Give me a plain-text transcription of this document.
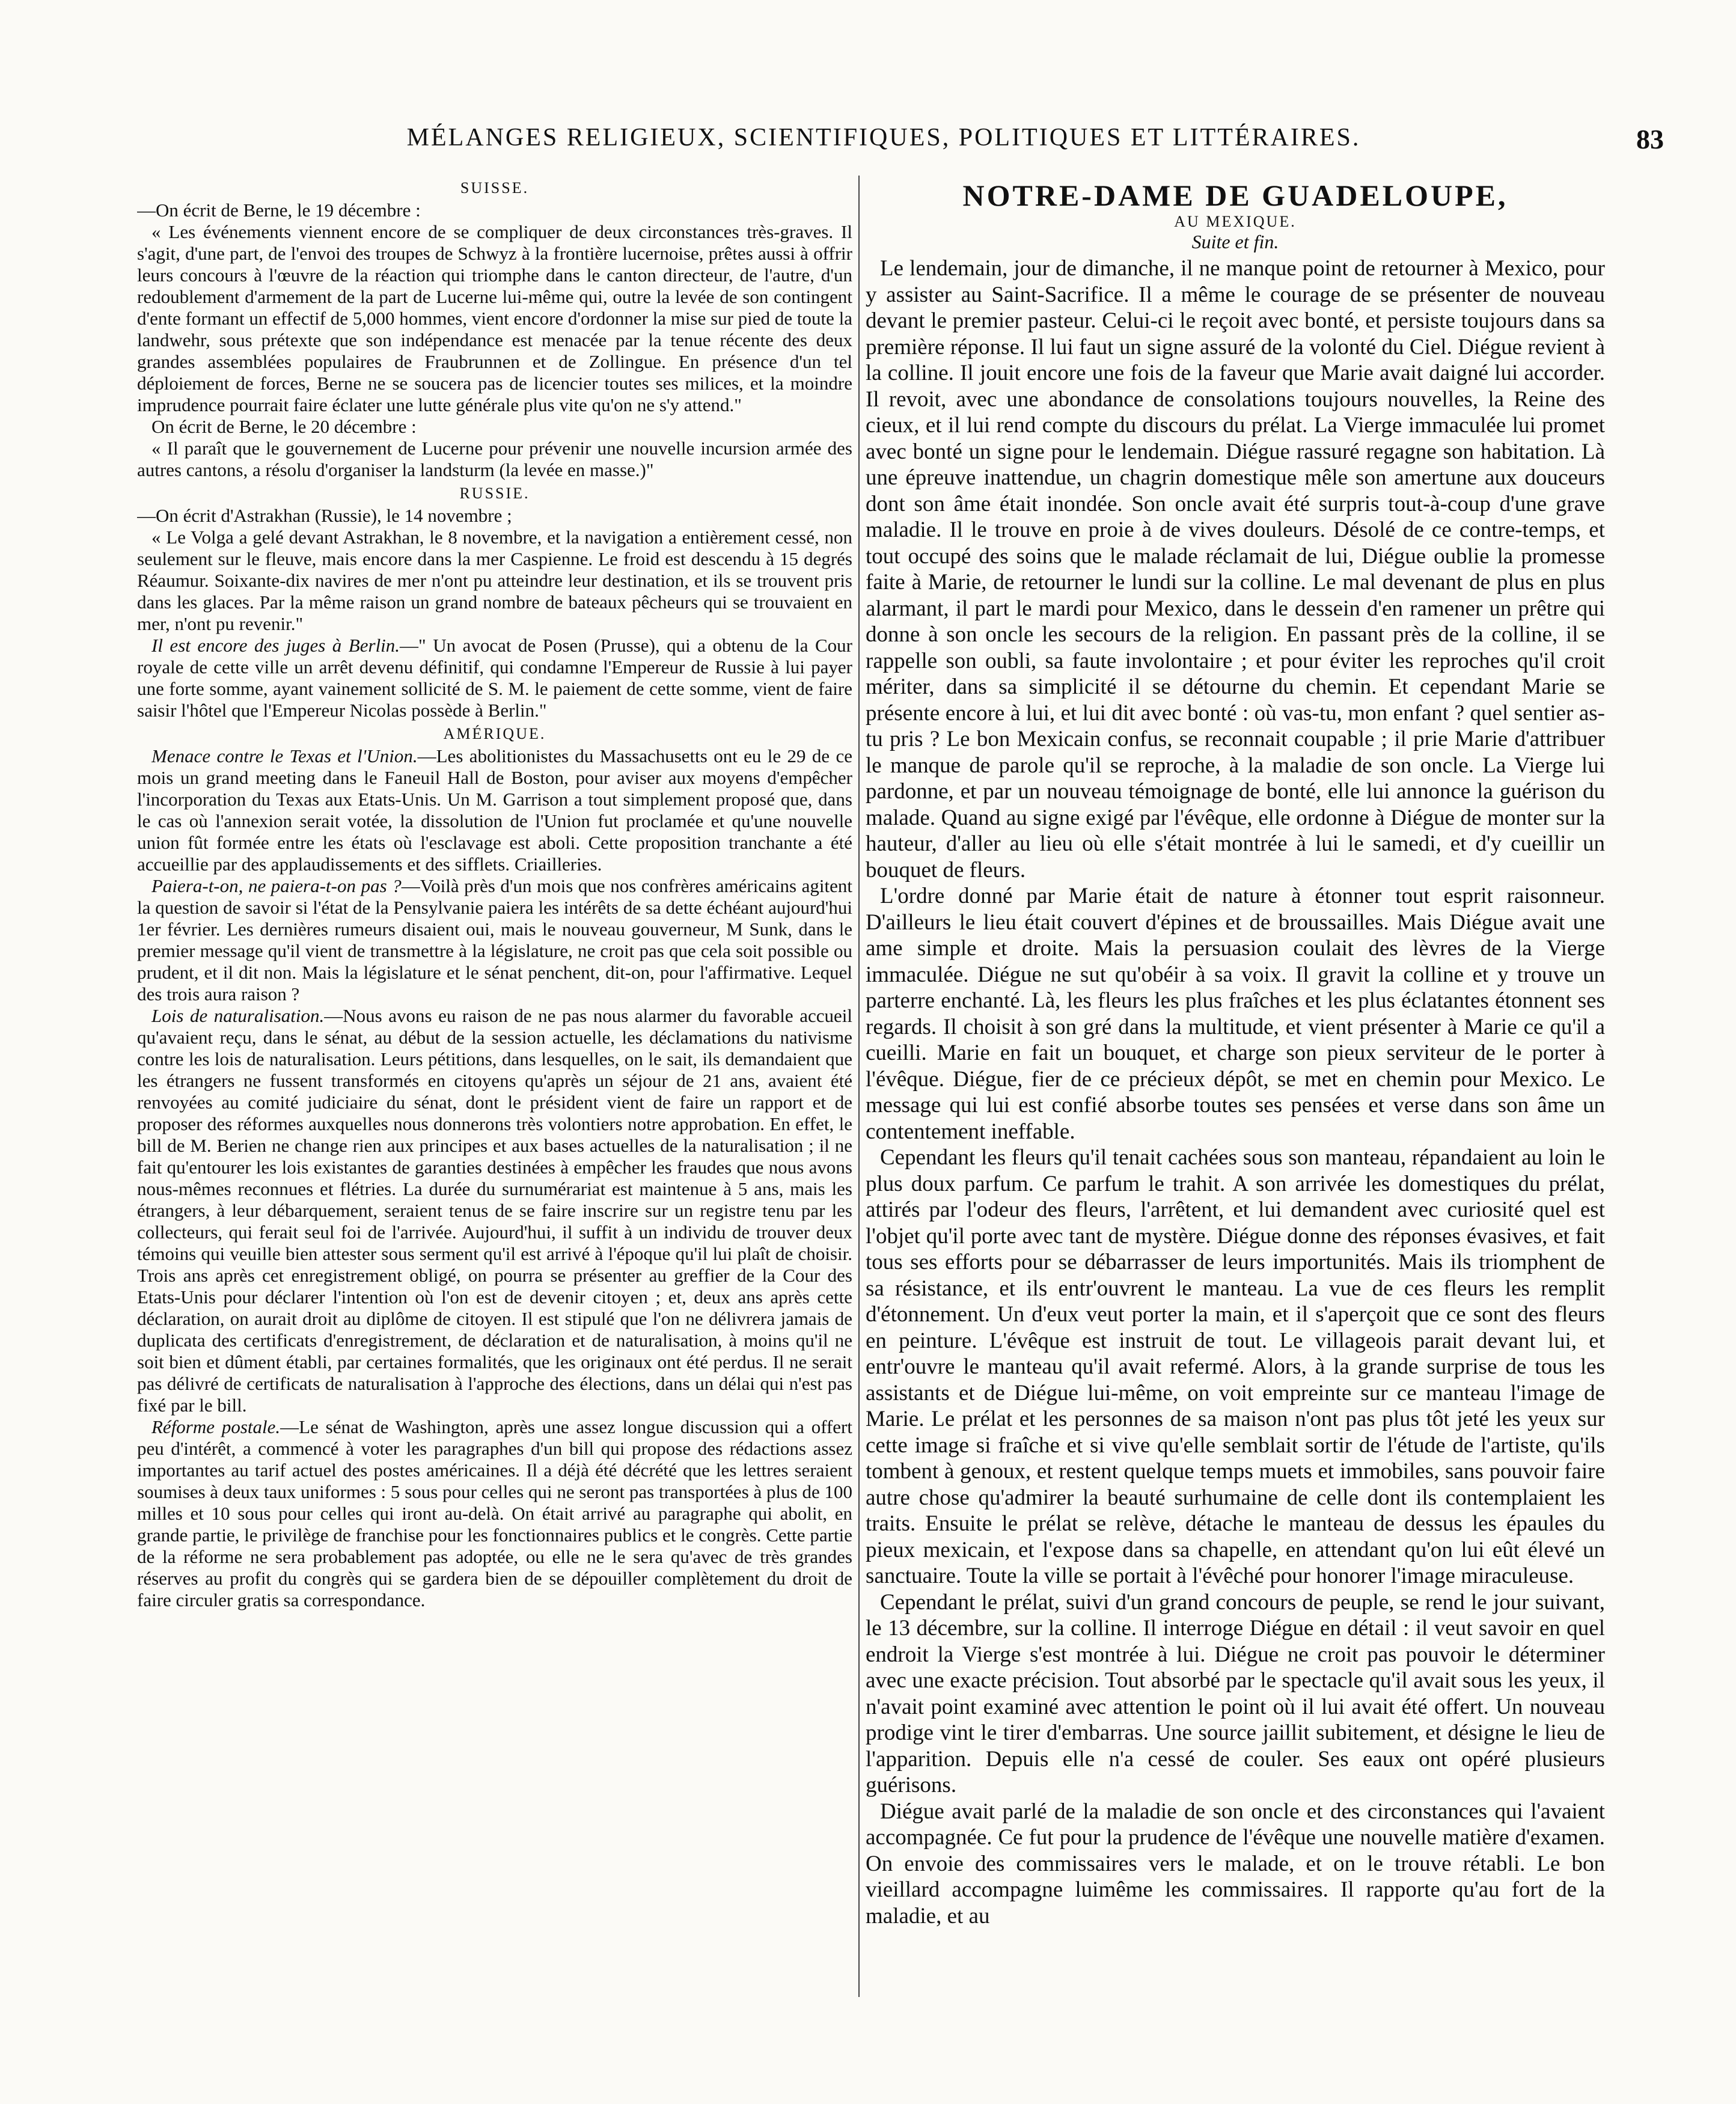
MÉLANGES RELIGIEUX, SCIENTIFIQUES, POLITIQUES ET LITTÉRAIRES.	83
SUISSE.

—On écrit de Berne, le 19 décembre :

« Les événements viennent encore de se compliquer de deux circonstances très-graves. Il s'agit, d'une part, de l'envoi des troupes de Schwyz à la frontière lucernoise, prêtes aussi à offrir leurs concours à l'œuvre de la réaction qui triomphe dans le canton directeur, de l'autre, d'un redoublement d'armement de la part de Lucerne lui-même qui, outre la levée de son contingent d'ente formant un effectif de 5,000 hommes, vient encore d'ordonner la mise sur pied de toute la landwehr, sous prétexte que son indépendance est menacée par la tenue récente des deux grandes assemblées populaires de Fraubrunnen et de Zollingue. En présence d'un tel déploiement de forces, Berne ne se soucera pas de licencier toutes ses milices, et la moindre imprudence pourrait faire éclater une lutte générale plus vite qu'on ne s'y attend."

On écrit de Berne, le 20 décembre :

« Il paraît que le gouvernement de Lucerne pour prévenir une nouvelle incursion armée des autres cantons, a résolu d'organiser la landsturm (la levée en masse.)"

RUSSIE.

—On écrit d'Astrakhan (Russie), le 14 novembre ;

« Le Volga a gelé devant Astrakhan, le 8 novembre, et la navigation a entièrement cessé, non seulement sur le fleuve, mais encore dans la mer Caspienne. Le froid est descendu à 15 degrés Réaumur. Soixante-dix navires de mer n'ont pu atteindre leur destination, et ils se trouvent pris dans les glaces. Par la même raison un grand nombre de bateaux pêcheurs qui se trouvaient en mer, n'ont pu revenir."

Il est encore des juges à Berlin.—" Un avocat de Posen (Prusse), qui a obtenu de la Cour royale de cette ville un arrêt devenu définitif, qui condamne l'Empereur de Russie à lui payer une forte somme, ayant vainement sollicité de S. M. le paiement de cette somme, vient de faire saisir l'hôtel que l'Empereur Nicolas possède à Berlin."

AMÉRIQUE.

Menace contre le Texas et l'Union.—Les abolitionistes du Massachusetts ont eu le 29 de ce mois un grand meeting dans le Faneuil Hall de Boston, pour aviser aux moyens d'empêcher l'incorporation du Texas aux Etats-Unis. Un M. Garrison a tout simplement proposé que, dans le cas où l'annexion serait votée, la dissolution de l'Union fut proclamée et qu'une nouvelle union fût formée entre les états où l'esclavage est aboli. Cette proposition tranchante a été accueillie par des applaudissements et des sifflets. Criailleries.

Paiera-t-on, ne paiera-t-on pas ?—Voilà près d'un mois que nos confrères américains agitent la question de savoir si l'état de la Pensylvanie paiera les intérêts de sa dette échéant aujourd'hui 1er février. Les dernières rumeurs disaient oui, mais le nouveau gouverneur, M Sunk, dans le premier message qu'il vient de transmettre à la législature, ne croit pas que cela soit possible ou prudent, et il dit non. Mais la législature et le sénat penchent, dit-on, pour l'affirmative. Lequel des trois aura raison ?

Lois de naturalisation.—Nous avons eu raison de ne pas nous alarmer du favorable accueil qu'avaient reçu, dans le sénat, au début de la session actuelle, les déclamations du nativisme contre les lois de naturalisation. Leurs pétitions, dans lesquelles, on le sait, ils demandaient que les étrangers ne fussent transformés en citoyens qu'après un séjour de 21 ans, avaient été renvoyées au comité judiciaire du sénat, dont le président vient de faire un rapport et de proposer des réformes auxquelles nous donnerons très volontiers notre approbation. En effet, le bill de M. Berien ne change rien aux principes et aux bases actuelles de la naturalisation ; il ne fait qu'entourer les lois existantes de garanties destinées à empêcher les fraudes que nous avons nous-mêmes reconnues et flétries. La durée du surnumérariat est maintenue à 5 ans, mais les étrangers, à leur débarquement, seraient tenus de se faire inscrire sur un registre tenu par les collecteurs, qui ferait seul foi de l'arrivée. Aujourd'hui, il suffit à un individu de trouver deux témoins qui veuille bien attester sous serment qu'il est arrivé à l'époque qu'il lui plaît de choisir. Trois ans après cet enregistrement obligé, on pourra se présenter au greffier de la Cour des Etats-Unis pour déclarer l'intention où l'on est de devenir citoyen ; et, deux ans après cette déclaration, on aurait droit au diplôme de citoyen. Il est stipulé que l'on ne délivrera jamais de duplicata des certificats d'enregistrement, de déclaration et de naturalisation, à moins qu'il ne soit bien et dûment établi, par certaines formalités, que les originaux ont été perdus. Il ne serait pas délivré de certificats de naturalisation à l'approche des élections, dans un délai qui n'est pas fixé par le bill.

Réforme postale.—Le sénat de Washington, après une assez longue discussion qui a offert peu d'intérêt, a commencé à voter les paragraphes d'un bill qui propose des rédactions assez importantes au tarif actuel des postes américaines. Il a déjà été décrété que les lettres seraient soumises à deux taux uniformes : 5 sous pour celles qui ne seront pas transportées à plus de 100 milles et 10 sous pour celles qui iront au-delà. On était arrivé au paragraphe qui abolit, en grande partie, le privilège de franchise pour les fonctionnaires publics et le congrès. Cette partie de la réforme ne sera probablement pas adoptée, ou elle ne le sera qu'avec de très grandes réserves au profit du congrès qui se gardera bien de se dépouiller complètement du droit de faire circuler gratis sa correspondance.

NOTRE-DAME DE GUADELOUPE,
AU MEXIQUE.
Suite et fin.

Le lendemain, jour de dimanche, il ne manque point de retourner à Mexico, pour y assister au Saint-Sacrifice. Il a même le courage de se présenter de nouveau devant le premier pasteur. Celui-ci le reçoit avec bonté, et persiste toujours dans sa première réponse. Il lui faut un signe assuré de la volonté du Ciel. Diégue revient à la colline. Il jouit encore une fois de la faveur que Marie avait daigné lui accorder. Il revoit, avec une abondance de consolations toujours nouvelles, la Reine des cieux, et il lui rend compte du discours du prélat. La Vierge immaculée lui promet avec bonté un signe pour le lendemain. Diégue rassuré regagne son habitation. Là une épreuve inattendue, un chagrin domestique mêle son amertune aux douceurs dont son âme était inondée. Son oncle avait été surpris tout-à-coup d'une grave maladie. Il le trouve en proie à de vives douleurs. Désolé de ce contre-temps, et tout occupé des soins que le malade réclamait de lui, Diégue oublie la promesse faite à Marie, de retourner le lundi sur la colline. Le mal devenant de plus en plus alarmant, il part le mardi pour Mexico, dans le dessein d'en ramener un prêtre qui donne à son oncle les secours de la religion. En passant près de la colline, il se rappelle son oubli, sa faute involontaire ; et pour éviter les reproches qu'il croit mériter, dans sa simplicité il se détourne du chemin. Et cependant Marie se présente encore à lui, et lui dit avec bonté : où vas-tu, mon enfant ? quel sentier as-tu pris ? Le bon Mexicain confus, se reconnait coupable ; il prie Marie d'attribuer le manque de parole qu'il se reproche, à la maladie de son oncle. La Vierge lui pardonne, et par un nouveau témoignage de bonté, elle lui annonce la guérison du malade. Quand au signe exigé par l'évêque, elle ordonne à Diégue de monter sur la hauteur, d'aller au lieu où elle s'était montrée à lui le samedi, et d'y cueillir un bouquet de fleurs.

L'ordre donné par Marie était de nature à étonner tout esprit raisonneur. D'ailleurs le lieu était couvert d'épines et de broussailles. Mais Diégue avait une ame simple et droite. Mais la persuasion coulait des lèvres de la Vierge immaculée. Diégue ne sut qu'obéir à sa voix. Il gravit la colline et y trouve un parterre enchanté. Là, les fleurs les plus fraîches et les plus éclatantes étonnent ses regards. Il choisit à son gré dans la multitude, et vient présenter à Marie ce qu'il a cueilli. Marie en fait un bouquet, et charge son pieux serviteur de le porter à l'évêque. Diégue, fier de ce précieux dépôt, se met en chemin pour Mexico. Le message qui lui est confié absorbe toutes ses pensées et verse dans son âme un contentement ineffable.

Cependant les fleurs qu'il tenait cachées sous son manteau, répandaient au loin le plus doux parfum. Ce parfum le trahit. A son arrivée les domestiques du prélat, attirés par l'odeur des fleurs, l'arrêtent, et lui demandent avec curiosité quel est l'objet qu'il porte avec tant de mystère. Diégue donne des réponses évasives, et fait tous ses efforts pour se débarrasser de leurs importunités. Mais ils triomphent de sa résistance, et ils entr'ouvrent le manteau. La vue de ces fleurs les remplit d'étonnement. Un d'eux veut porter la main, et il s'aperçoit que ce sont des fleurs en peinture. L'évêque est instruit de tout. Le villageois parait devant lui, et entr'ouvre le manteau qu'il avait refermé. Alors, à la grande surprise de tous les assistants et de Diégue lui-même, on voit empreinte sur ce manteau l'image de Marie. Le prélat et les personnes de sa maison n'ont pas plus tôt jeté les yeux sur cette image si fraîche et si vive qu'elle semblait sortir de l'étude de l'artiste, qu'ils tombent à genoux, et restent quelque temps muets et immobiles, sans pouvoir faire autre chose qu'admirer la beauté surhumaine de celle dont ils contemplaient les traits. Ensuite le prélat se relève, détache le manteau de dessus les épaules du pieux mexicain, et l'expose dans sa chapelle, en attendant qu'on lui eût élevé un sanctuaire. Toute la ville se portait à l'évêché pour honorer l'image miraculeuse.

Cependant le prélat, suivi d'un grand concours de peuple, se rend le jour suivant, le 13 décembre, sur la colline. Il interroge Diégue en détail : il veut savoir en quel endroit la Vierge s'est montrée à lui. Diégue ne croit pas pouvoir le déterminer avec une exacte précision. Tout absorbé par le spectacle qu'il avait sous les yeux, il n'avait point examiné avec attention le point où il lui avait été offert. Un nouveau prodige vint le tirer d'embarras. Une source jaillit subitement, et désigne le lieu de l'apparition. Depuis elle n'a cessé de couler. Ses eaux ont opéré plusieurs guérisons.

Diégue avait parlé de la maladie de son oncle et des circonstances qui l'avaient accompagnée. Ce fut pour la prudence de l'évêque une nouvelle matière d'examen. On envoie des commissaires vers le malade, et on le trouve rétabli. Le bon vieillard accompagne luimême les commissaires. Il rapporte qu'au fort de la maladie, et au
